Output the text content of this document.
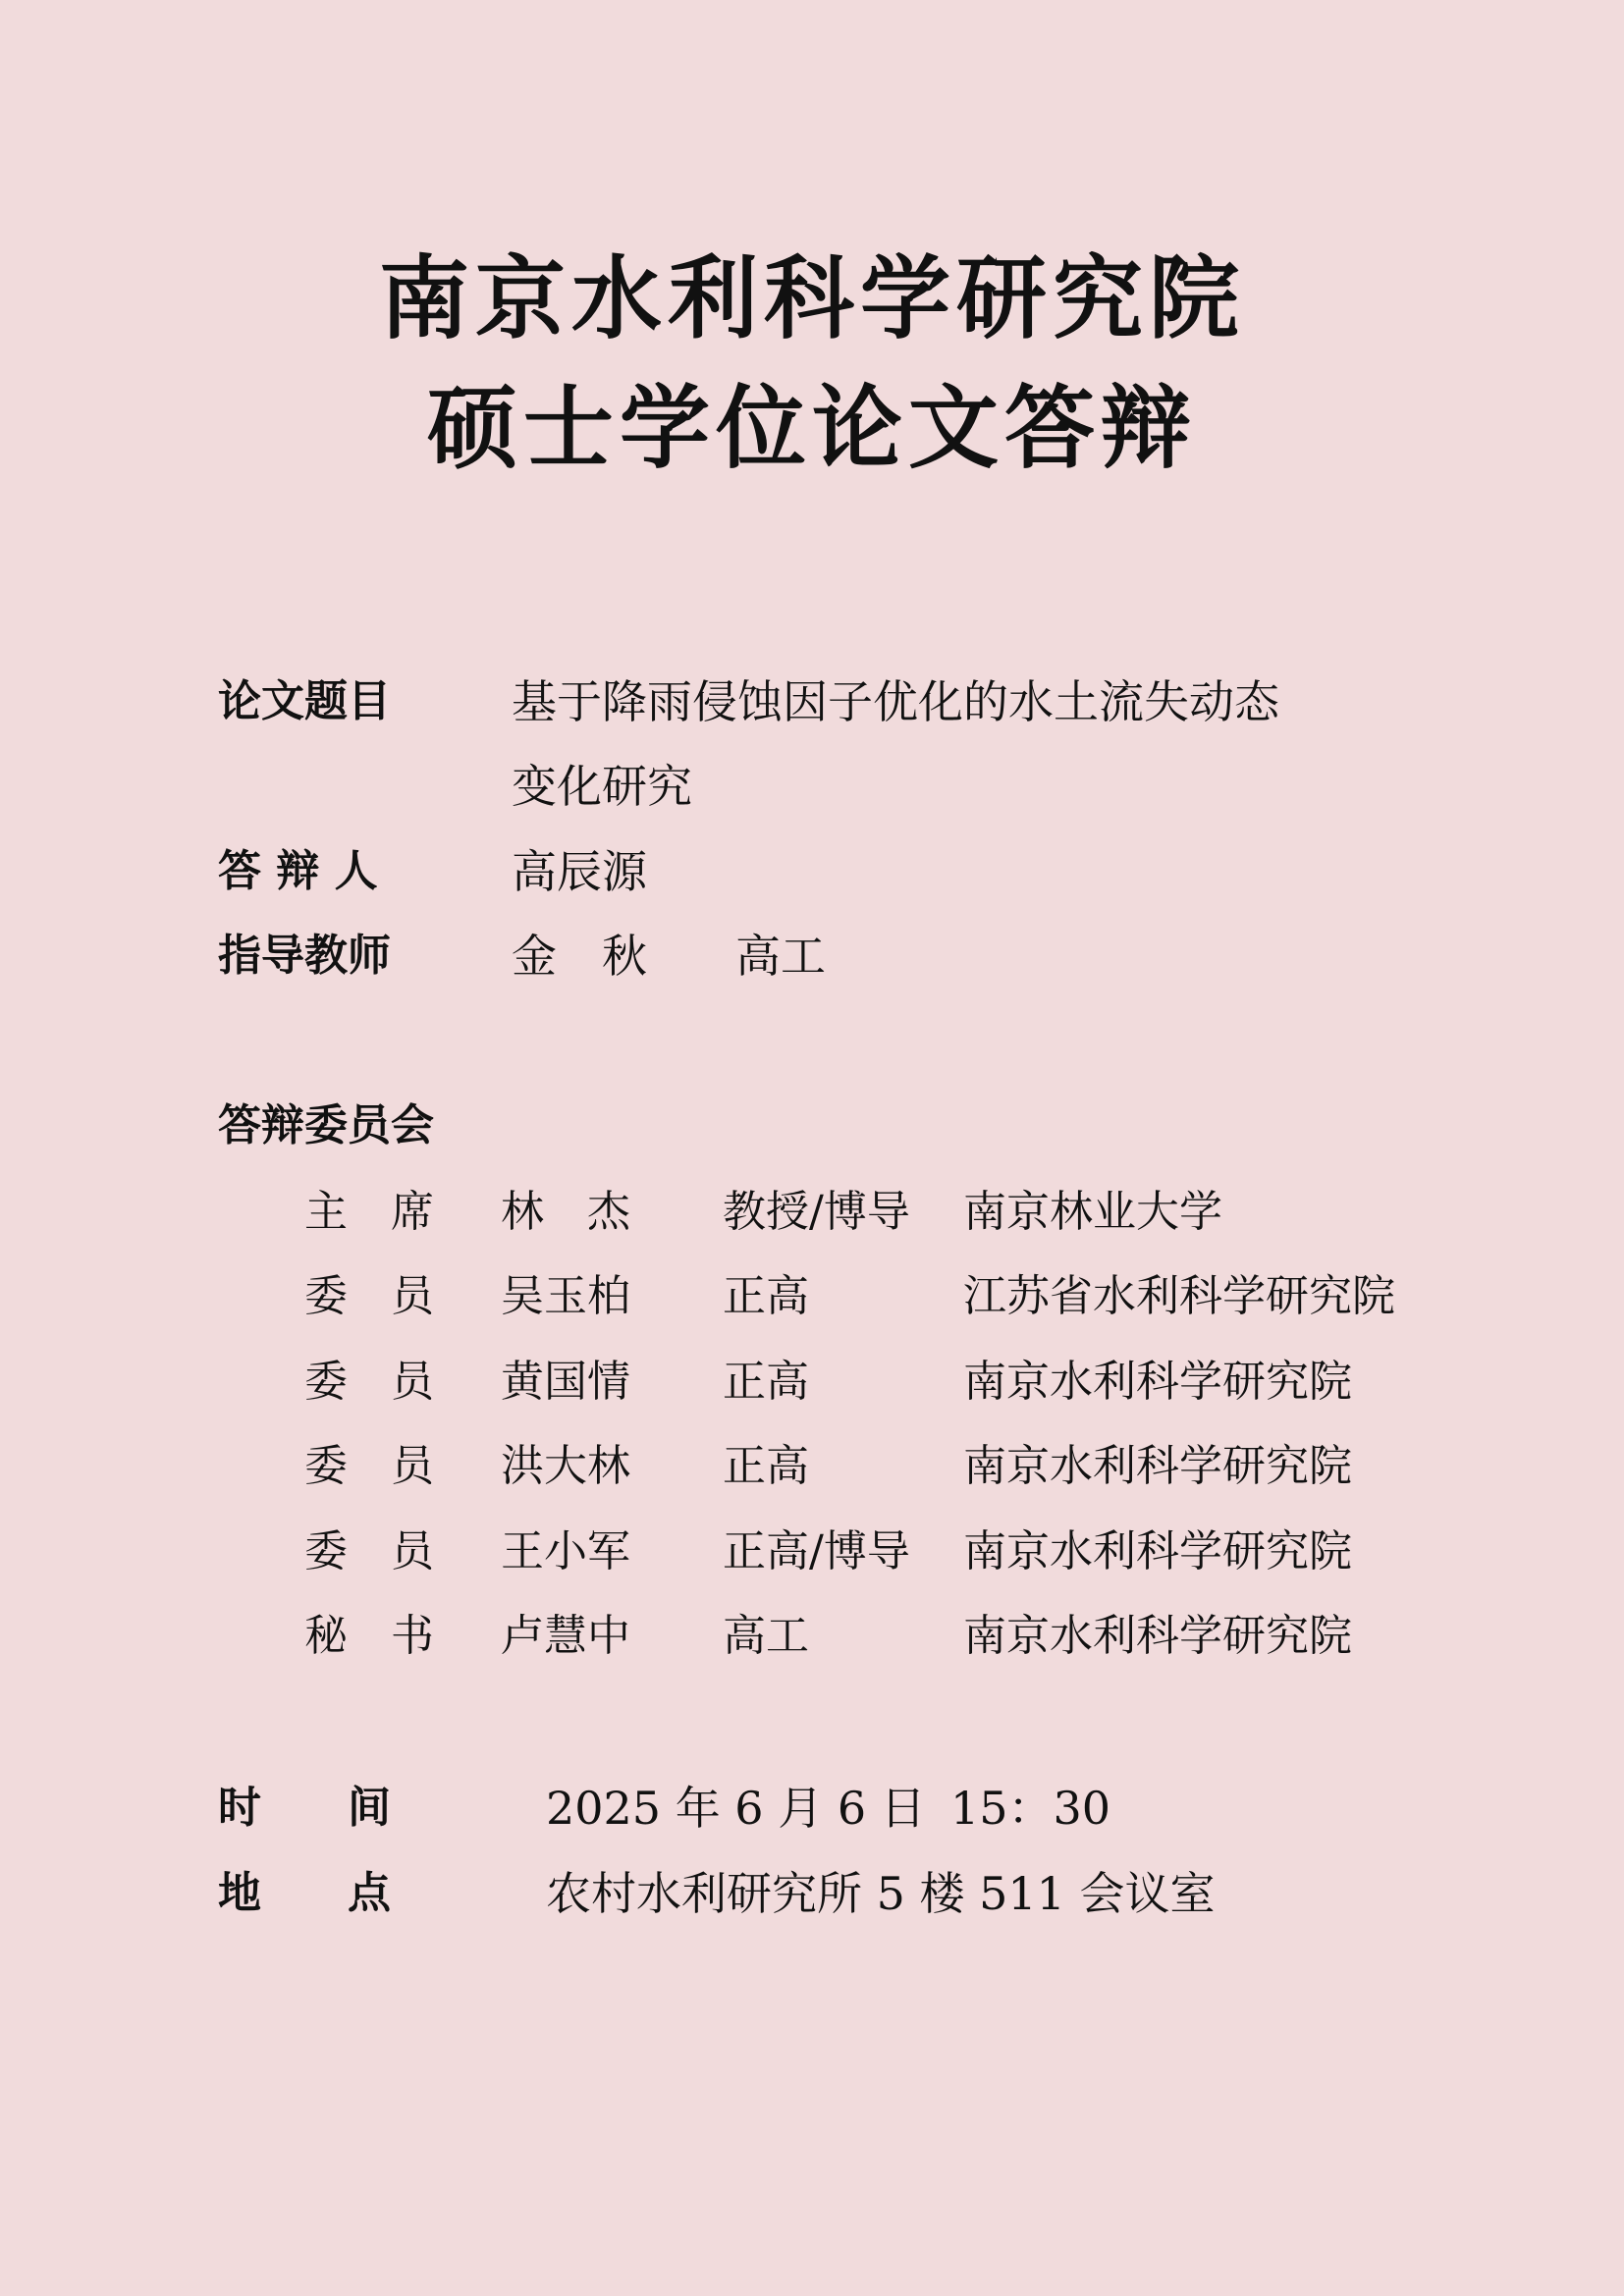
南京水利科学研究院
硕士学位论文答辩
论文题目	基于降雨侵蚀因子优化的水土流失动态
变化研究
答 辩 人	高辰源
指导教师	金　秋 高工
答辩委员会
主　席 林　杰 教授/博导 南京林业大学
委　员 吴玉柏 正高	江苏省水利科学研究院
委　员 黄国情 正高	南京水利科学研究院
委　员 洪大林 正高	南京水利科学研究院
委　员 王小军 正高/博导 南京水利科学研究院
秘　书 卢慧中 高工	南京水利科学研究院
时　　间	2025 年 6 月 6 日 15：30
地　　点	农村水利研究所 5 楼 511 会议室
